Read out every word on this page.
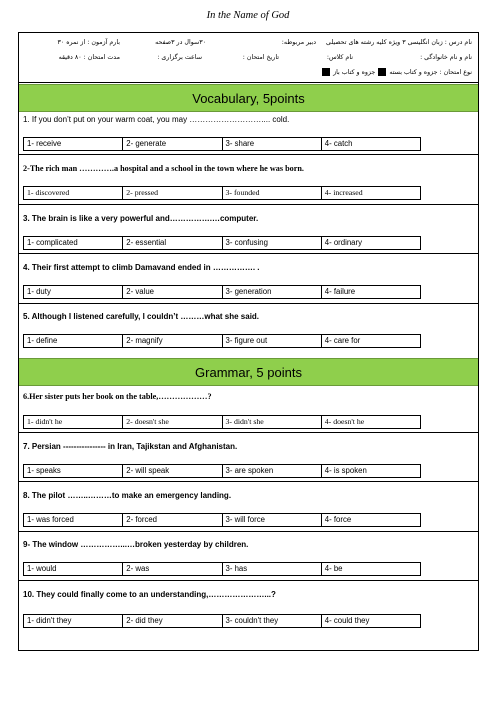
In the Name of God
نام درس : زبان انگلیسی ۳ ویژه کلیه رشته های تحصیلی
دبیر مربوطه:
۳۰سوال در ۳صفحه
بارم آزمون : از نمره ۳۰
نام و نام خانوادگی :
نام کلاس:
تاریخ امتحان :
ساعت برگزاری :
مدت امتحان : ۸۰ دقیقه
نوع امتحان : جزوه و کتاب بسته  جزوه و کتاب باز
Vocabulary, 5points
1. If you don’t put on your warm coat, you may ……………………….... cold.
1- receive	2- generate	3- share	4- catch
2-The rich man ………….a hospital and a school in the town where he was born.
1- discovered	2- pressed	3- founded	4- increased
3. The brain is like a very powerful and…………….…computer.
1- complicated	2- essential	3- confusing	4- ordinary
4. Their first attempt to climb Damavand ended in ……………. .
1- duty	2- value	3- generation	4- failure
5. Although I listened carefully, I couldn’t ………what she said.
1- define	2- magnify	3- figure out	4- care for
Grammar, 5 points
6.Her sister puts her book on the table,………………?
1- didn't he	2- doesn't she	3- didn't she	4- doesn't he
7. Persian ---------------- in Iran, Tajikstan and Afghanistan.
1- speaks	2- will speak	3- are spoken	4- is spoken
8. The pilot ……..………to make an emergency landing.
1- was forced	2- forced	3- will force	4- force
9- The window ……………...…broken yesterday by children.
1- would	2- was	3- has	4- be
10. They could finally come to an understanding,…………………...?
1- didn't they	2- did they	3- couldn't they	4- could they
